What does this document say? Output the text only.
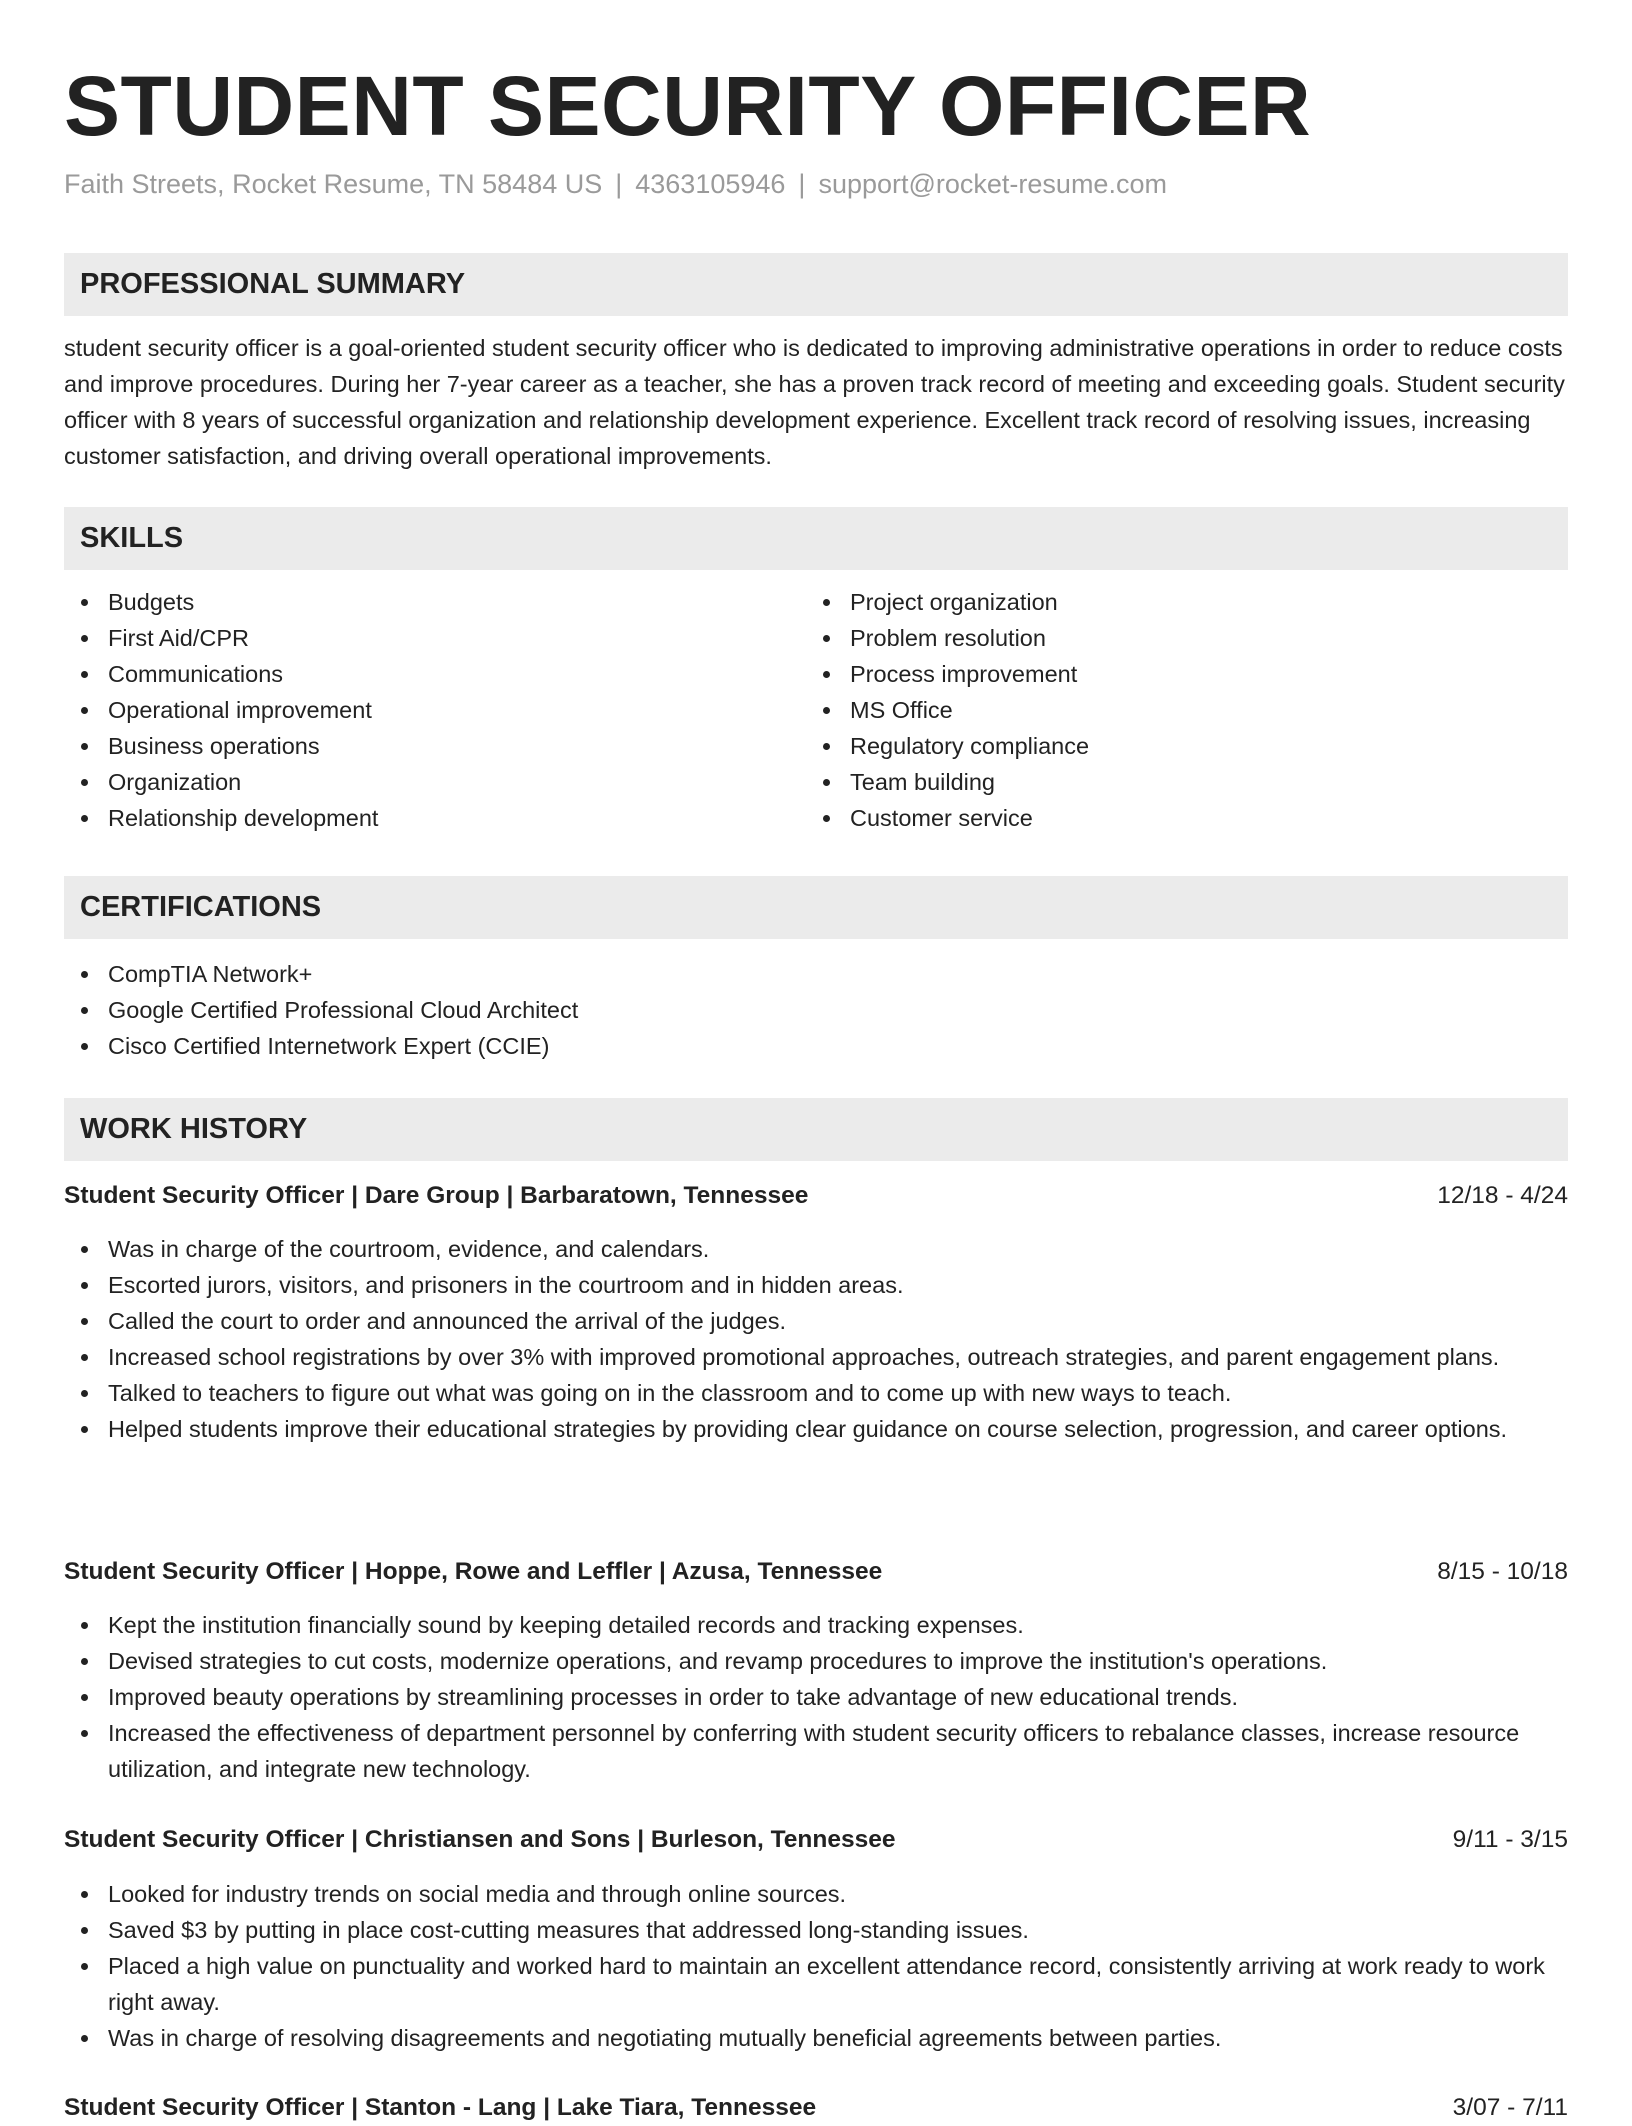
STUDENT SECURITY OFFICER
Faith Streets, Rocket Resume, TN 58484 US | 4363105946 | support@rocket-resume.com
PROFESSIONAL SUMMARY

student security officer is a goal-oriented student security officer who is dedicated to improving administrative operations in order to reduce costs and improve procedures. During her 7-year career as a teacher, she has a proven track record of meeting and exceeding goals. Student security officer with 8 years of successful organization and relationship development experience. Excellent track record of resolving issues, increasing customer satisfaction, and driving overall operational improvements.

SKILLS
Budgets
First Aid/CPR
Communications
Operational improvement
Business operations
Organization
Relationship development
Project organization
Problem resolution
Process improvement
MS Office
Regulatory compliance
Team building
Customer service
CERTIFICATIONS
CompTIA Network+
Google Certified Professional Cloud Architect
Cisco Certified Internetwork Expert (CCIE)
WORK HISTORY
Student Security Officer | Dare Group | Barbaratown, Tennessee	12/18 - 4/24
Was in charge of the courtroom, evidence, and calendars.
Escorted jurors, visitors, and prisoners in the courtroom and in hidden areas.
Called the court to order and announced the arrival of the judges.
Increased school registrations by over 3% with improved promotional approaches, outreach strategies, and parent engagement plans.
Talked to teachers to figure out what was going on in the classroom and to come up with new ways to teach.
Helped students improve their educational strategies by providing clear guidance on course selection, progression, and career options.
Student Security Officer | Hoppe, Rowe and Leffler | Azusa, Tennessee	8/15 - 10/18
Kept the institution financially sound by keeping detailed records and tracking expenses.
Devised strategies to cut costs, modernize operations, and revamp procedures to improve the institution's operations.
Improved beauty operations by streamlining processes in order to take advantage of new educational trends.
Increased the effectiveness of department personnel by conferring with student security officers to rebalance classes, increase resource utilization, and integrate new technology.
Student Security Officer | Christiansen and Sons | Burleson, Tennessee	9/11 - 3/15
Looked for industry trends on social media and through online sources.
Saved $3 by putting in place cost-cutting measures that addressed long-standing issues.
Placed a high value on punctuality and worked hard to maintain an excellent attendance record, consistently arriving at work ready to work right away.
Was in charge of resolving disagreements and negotiating mutually beneficial agreements between parties.
Student Security Officer | Stanton - Lang | Lake Tiara, Tennessee	3/07 - 7/11
